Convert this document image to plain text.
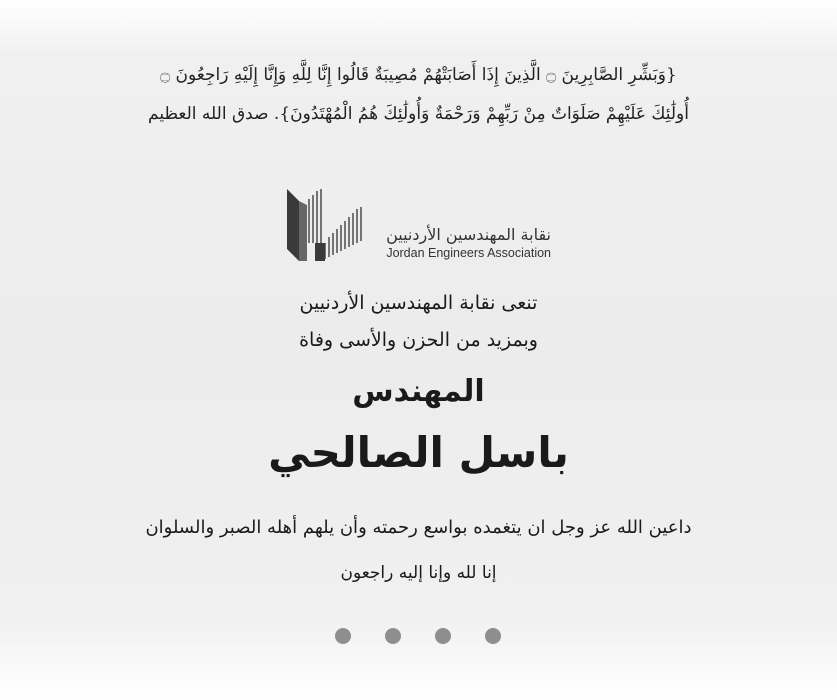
{وَبَشِّرِ الصَّابِرِينَ ۝ الَّذِينَ إِذَا أَصَابَتْهُمْ مُصِيبَةٌ قَالُوا إِنَّا لِلَّهِ وَإِنَّا إِلَيْهِ رَاجِعُونَ ۝
أُولَٰئِكَ عَلَيْهِمْ صَلَوَاتٌ مِنْ رَبِّهِمْ وَرَحْمَةٌ وَأُولَٰئِكَ هُمُ الْمُهْتَدُونَ}. صدق الله العظيم
نقابة المهندسين الأردنيين
Jordan Engineers Association
تنعى نقابة المهندسين الأردنيين
وبمزيد من الحزن والأسى وفاة
المهندس
باسل الصالحي
داعين الله عز وجل ان يتغمده بواسع رحمته وأن يلهم أهله الصبر والسلوان
إنا لله وإنا إليه راجعون
